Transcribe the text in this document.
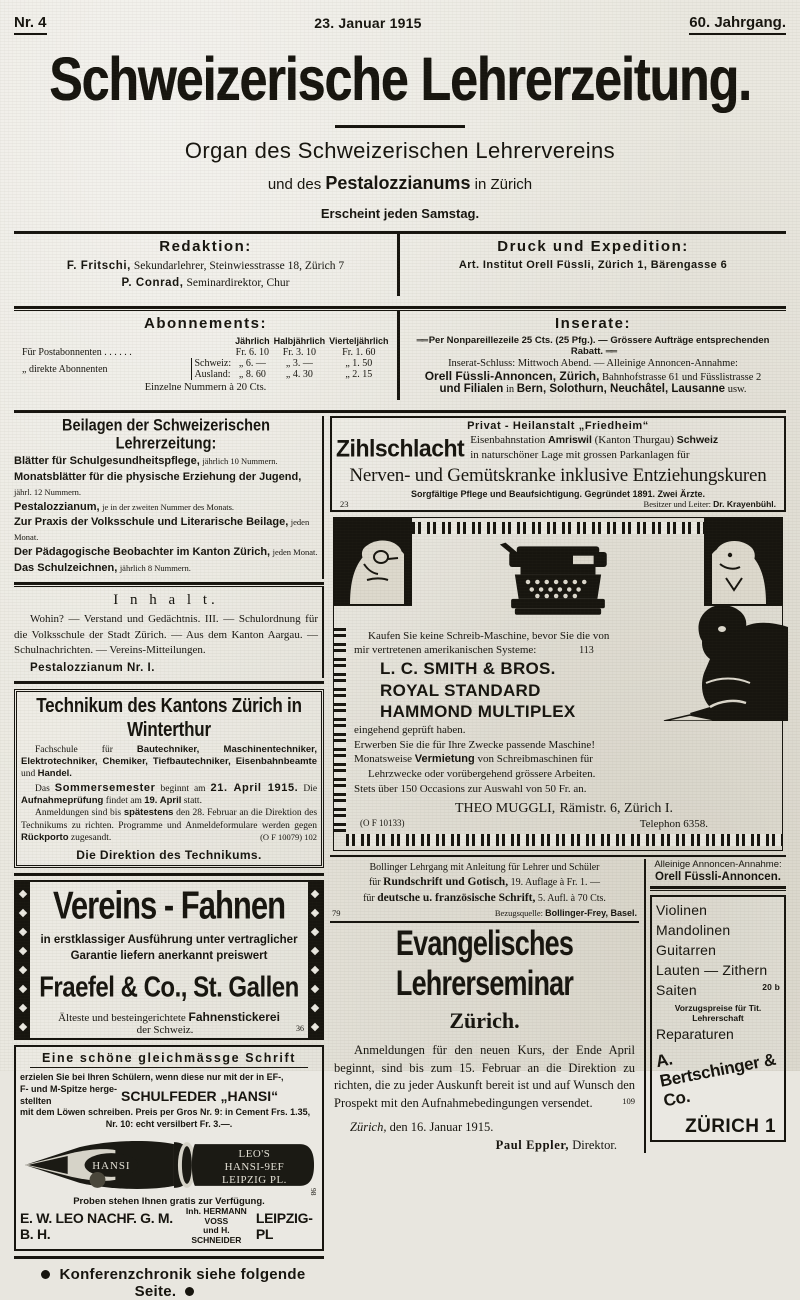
Nr. 4	23. Januar 1915	60. Jahrgang.
Schweizerische Lehrerzeitung.
Organ des Schweizerischen Lehrervereins
und des Pestalozzianums in Zürich
Erscheint jeden Samstag.
Redaktion:
F. Fritschi, Sekundarlehrer, Steinwiesstrasse 18, Zürich 7
P. Conrad, Seminardirektor, Chur
Druck und Expedition:
Art. Institut Orell Füssli, Zürich 1, Bärengasse 6
Abonnements:
		Jährlich	Halbjährlich	Vierteljährlich
Für Postabonnenten . . . . . .		Fr. 6. 10	Fr. 3. 10	Fr. 1. 60
„ direkte Abonnenten	Schweiz:	„ 6. —	„ 3. —	„ 1. 50
	Ausland:	„ 8. 60	„ 4. 30	„ 2. 15
Einzelne Nummern à 20 Cts.
Inserate:
══ Per Nonpareillezeile 25 Cts. (25 Pfg.). — Grössere Aufträge entsprechenden Rabatt. ══
Inserat-Schluss: Mittwoch Abend. — Alleinige Annoncen-Annahme:
Orell Füssli-Annoncen, Zürich, Bahnhofstrasse 61 und Füsslistrasse 2
und Filialen in Bern, Solothurn, Neuchâtel, Lausanne usw.
Beilagen der Schweizerischen Lehrerzeitung:
Blätter für Schulgesundheitspflege, jährlich 10 Nummern.
Monatsblätter für die physische Erziehung der Jugend, jährl. 12 Nummern.
Pestalozzianum, je in der zweiten Nummer des Monats.
Zur Praxis der Volksschule und Literarische Beilage, jeden Monat.
Der Pädagogische Beobachter im Kanton Zürich, jeden Monat.
Das Schulzeichnen, jährlich 8 Nummern.
I n h a l t.
Wohin? — Verstand und Gedächtnis. III. — Schulordnung für die Volksschule der Stadt Zürich. — Aus dem Kanton Aargau. — Schulnachrichten. — Vereins-Mitteilungen.
Pestalozzianum Nr. I.
Technikum des Kantons Zürich in Winterthur
Fachschule für	Bautechniker, Maschinentechniker, Elektrotechniker, Chemiker, Tiefbautechniker, Eisenbahnbeamte und Handel.
Das Sommersemester beginnt am 21. April 1915. Die Aufnahmeprüfung findet am 19. April statt.
Anmeldungen sind bis spätestens den 28. Februar an die Direktion des Technikums zu richten. Programme und Anmeldeformulare werden gegen Rückporto zugesandt.	(O F 10079) 102
Die Direktion des Technikums.
Vereins - Fahnen
in erstklassiger Ausführung unter vertraglicher
Garantie liefern anerkannt preiswert
Fraefel & Co., St. Gallen
Älteste und besteingerichtete Fahnenstickerei
der Schweiz.	36
Eine schöne gleichmässge Schrift
erzielen Sie bei Ihren Schülern, wenn diese nur mit der in EF-,
F- und M-Spitze herge-
stellten	SCHULFEDER „HANSI“
mit dem Löwen schreiben. Preis per Gros Nr. 9: in Cement Frs. 1.35,
Nr. 10: echt versilbert Fr. 3.—.
HANSI
LEO'S
HANSI-9EF
LEIPZIG PL.
98
Proben stehen Ihnen gratis zur Verfügung.
E. W. LEO NACHF. G. M. B. H.
Inh. HERMANN VOSS
und H. SCHNEIDER
LEIPZIG-PL
Konferenzchronik siehe folgende Seite.
Privat - Heilanstalt „Friedheim“
Zihlschlacht Eisenbahnstation Amriswil (Kanton Thurgau) Schweiz
in naturschöner Lage mit grossen Parkanlagen für
Nerven- und Gemütskranke inklusive Entziehungskuren
Sorgfältige Pflege und Beaufsichtigung. Gegründet 1891. Zwei Ärzte.
23	Besitzer und Leiter: Dr. Krayenbühl.
Kaufen Sie keine Schreib-Maschine, bevor Sie die von
mir vertretenen amerikanischen Systeme:	113
L. C. SMITH & BROS.
ROYAL STANDARD
HAMMOND MULTIPLEX
eingehend geprüft haben.
Erwerben Sie die für Ihre Zwecke passende Maschine!
Monatsweise Vermietung von Schreibmaschinen für
Lehrzwecke oder vorübergehend grössere Arbeiten.
Stets über 150 Occasions zur Auswahl von 50 Fr. an.
THEO MUGGLI, Rämistr. 6, Zürich I.
(O F 10133)	Telephon 6358.
Bollinger Lehrgang mit Anleitung für Lehrer und Schüler
für Rundschrift und Gotisch, 19. Auflage à Fr. 1. —
für deutsche u. französische Schrift, 5. Aufl. à 70 Cts.
79	Bezugsquelle: Bollinger-Frey, Basel.
Evangelisches Lehrerseminar
Zürich.
Anmeldungen für den neuen Kurs, der Ende April beginnt, sind bis zum 15. Februar an die Direktion zu richten, die zu jeder Auskunft bereit ist und auf Wunsch den Prospekt mit den Aufnahmebedingungen versendet.	109
Zürich, den 16. Januar 1915.
Paul Eppler, Direktor.
Alleinige Annoncen-Annahme:
Orell Füssli-Annoncen.
Violinen
Mandolinen
Guitarren
Lauten — Zithern
Saiten	20 b
Vorzugspreise für Tit. Lehrerschaft
Reparaturen
A. Bertschinger & Co.
ZÜRICH 1
